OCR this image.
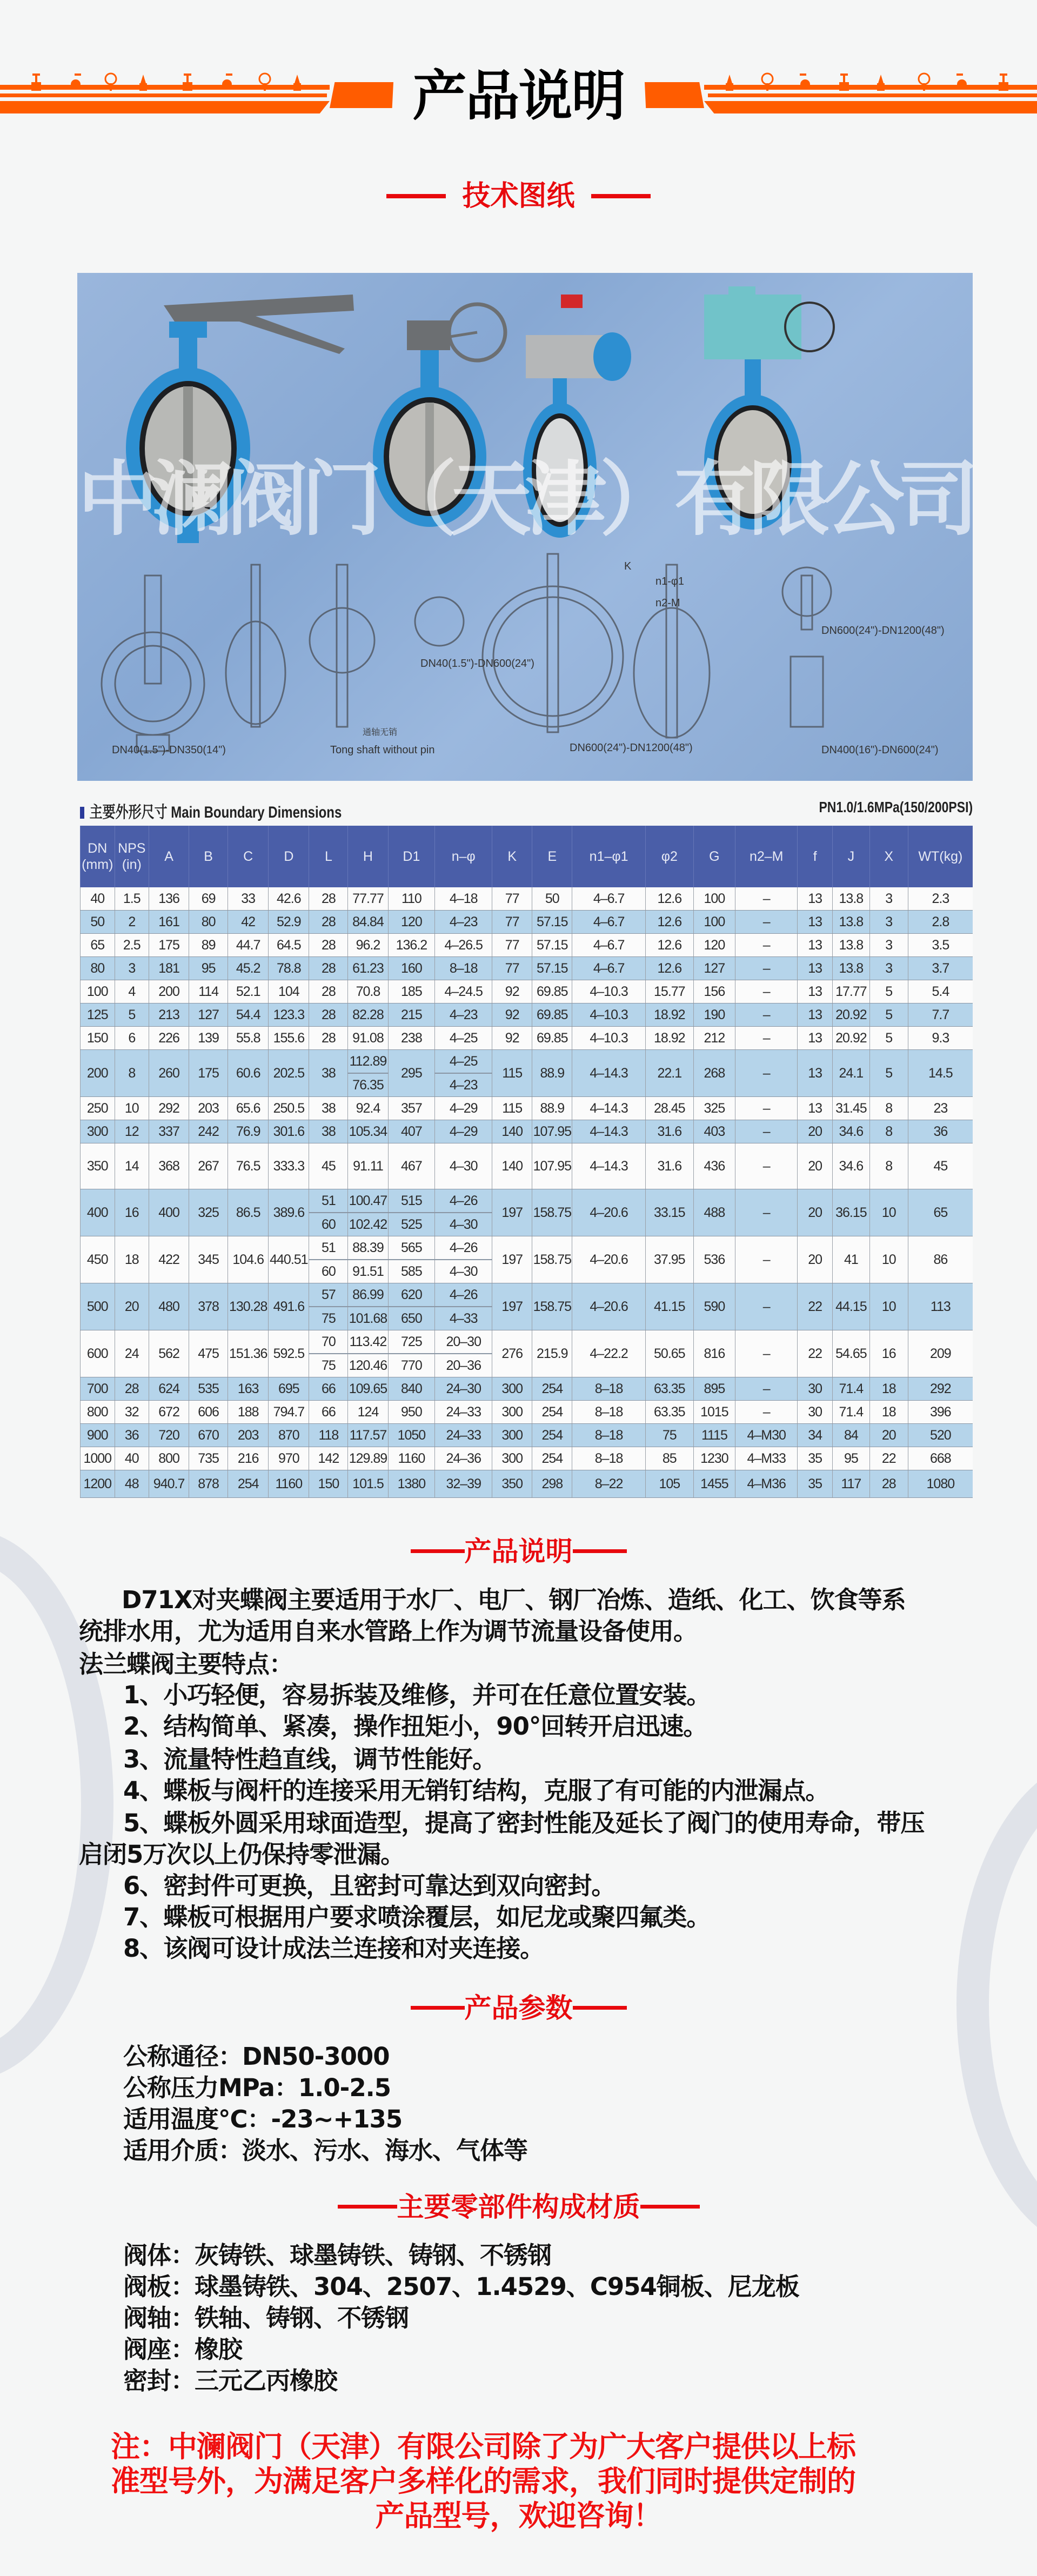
产品说明
技术图纸
中澜阀门（天津）有限公司
DN40(1.5")-DN350(14")
通轴无销
Tong shaft without pin
DN40(1.5")-DN600(24")
DN600(24")-DN1200(48")
DN600(24")-DN1200(48")
DN400(16")-DN600(24")
n1-φ1
n2-M
K
主要外形尺寸 Main Boundary Dimensions	PN1.0/1.6MPa(150/200PSI)
DN
(mm)	NPS
(in)	A	B	C	D	L	H	D1	n–φ	K	E	n1–φ1	φ2	G	n2–M	f	J	X	WT(kg)
40	1.5	136	69	33	42.6	28	77.77	110	4–18	77	50	4–6.7	12.6	100	–	13	13.8	3	2.3
50	2	161	80	42	52.9	28	84.84	120	4–23	77	57.15	4–6.7	12.6	100	–	13	13.8	3	2.8
65	2.5	175	89	44.7	64.5	28	96.2	136.2	4–26.5	77	57.15	4–6.7	12.6	120	–	13	13.8	3	3.5
80	3	181	95	45.2	78.8	28	61.23	160	8–18	77	57.15	4–6.7	12.6	127	–	13	13.8	3	3.7
100	4	200	114	52.1	104	28	70.8	185	4–24.5	92	69.85	4–10.3	15.77	156	–	13	17.77	5	5.4
125	5	213	127	54.4	123.3	28	82.28	215	4–23	92	69.85	4–10.3	18.92	190	–	13	20.92	5	7.7
150	6	226	139	55.8	155.6	28	91.08	238	4–25	92	69.85	4–10.3	18.92	212	–	13	20.92	5	9.3
200	8	260	175	60.6	202.5	38	112.89	295	4–25	115	88.9	4–14.3	22.1	268	–	13	24.1	5	14.5
							76.35		4–23										
250	10	292	203	65.6	250.5	38	92.4	357	4–29	115	88.9	4–14.3	28.45	325	–	13	31.45	8	23
300	12	337	242	76.9	301.6	38	105.34	407	4–29	140	107.95	4–14.3	31.6	403	–	20	34.6	8	36
350	14	368	267	76.5	333.3	45	91.11	467	4–30	140	107.95	4–14.3	31.6	436	–	20	34.6	8	45
400	16	400	325	86.5	389.6	51	100.47	515	4–26	197	158.75	4–20.6	33.15	488	–	20	36.15	10	65
						60	102.42	525	4–30										
450	18	422	345	104.6	440.51	51	88.39	565	4–26	197	158.75	4–20.6	37.95	536	–	20	41	10	86
						60	91.51	585	4–30										
500	20	480	378	130.28	491.6	57	86.99	620	4–26	197	158.75	4–20.6	41.15	590	–	22	44.15	10	113
						75	101.68	650	4–33										
600	24	562	475	151.36	592.5	70	113.42	725	20–30	276	215.9	4–22.2	50.65	816	–	22	54.65	16	209
						75	120.46	770	20–36										
700	28	624	535	163	695	66	109.65	840	24–30	300	254	8–18	63.35	895	–	30	71.4	18	292
800	32	672	606	188	794.7	66	124	950	24–33	300	254	8–18	63.35	1015	–	30	71.4	18	396
900	36	720	670	203	870	118	117.57	1050	24–33	300	254	8–18	75	1115	4–M30	34	84	20	520
1000	40	800	735	216	970	142	129.89	1160	24–36	300	254	8–18	85	1230	4–M33	35	95	22	668
1200	48	940.7	878	254	1160	150	101.5	1380	32–39	350	298	8–22	105	1455	4–M36	35	117	28	1080
产品说明
D71X对夹蝶阀主要适用于水厂、电厂、钢厂冶炼、造纸、化工、饮食等系
统排水用，尤为适用自来水管路上作为调节流量设备使用。
法兰蝶阀主要特点：
1、小巧轻便，容易拆装及维修，并可在任意位置安装。
2、结构简单、紧凑，操作扭矩小，90°回转开启迅速。
3、流量特性趋直线，调节性能好。
4、蝶板与阀杆的连接采用无销钉结构，克服了有可能的内泄漏点。
5、蝶板外圆采用球面造型，提高了密封性能及延长了阀门的使用寿命，带压
启闭5万次以上仍保持零泄漏。
6、密封件可更换，且密封可靠达到双向密封。
7、蝶板可根据用户要求喷涂覆层，如尼龙或聚四氟类。
8、该阀可设计成法兰连接和对夹连接。
产品参数
公称通径：DN50-3000
公称压力MPa：1.0-2.5
适用温度℃：-23~+135
适用介质：淡水、污水、海水、气体等
主要零部件构成材质
阀体：灰铸铁、球墨铸铁、铸钢、不锈钢
阀板：球墨铸铁、304、2507、1.4529、C954铜板、尼龙板
阀轴：铁轴、铸钢、不锈钢
阀座：橡胶
密封：三元乙丙橡胶
注：中澜阀门（天津）有限公司除了为广大客户提供以上标
准型号外，为满足客户多样化的需求，我们同时提供定制的
产品型号，欢迎咨询！
